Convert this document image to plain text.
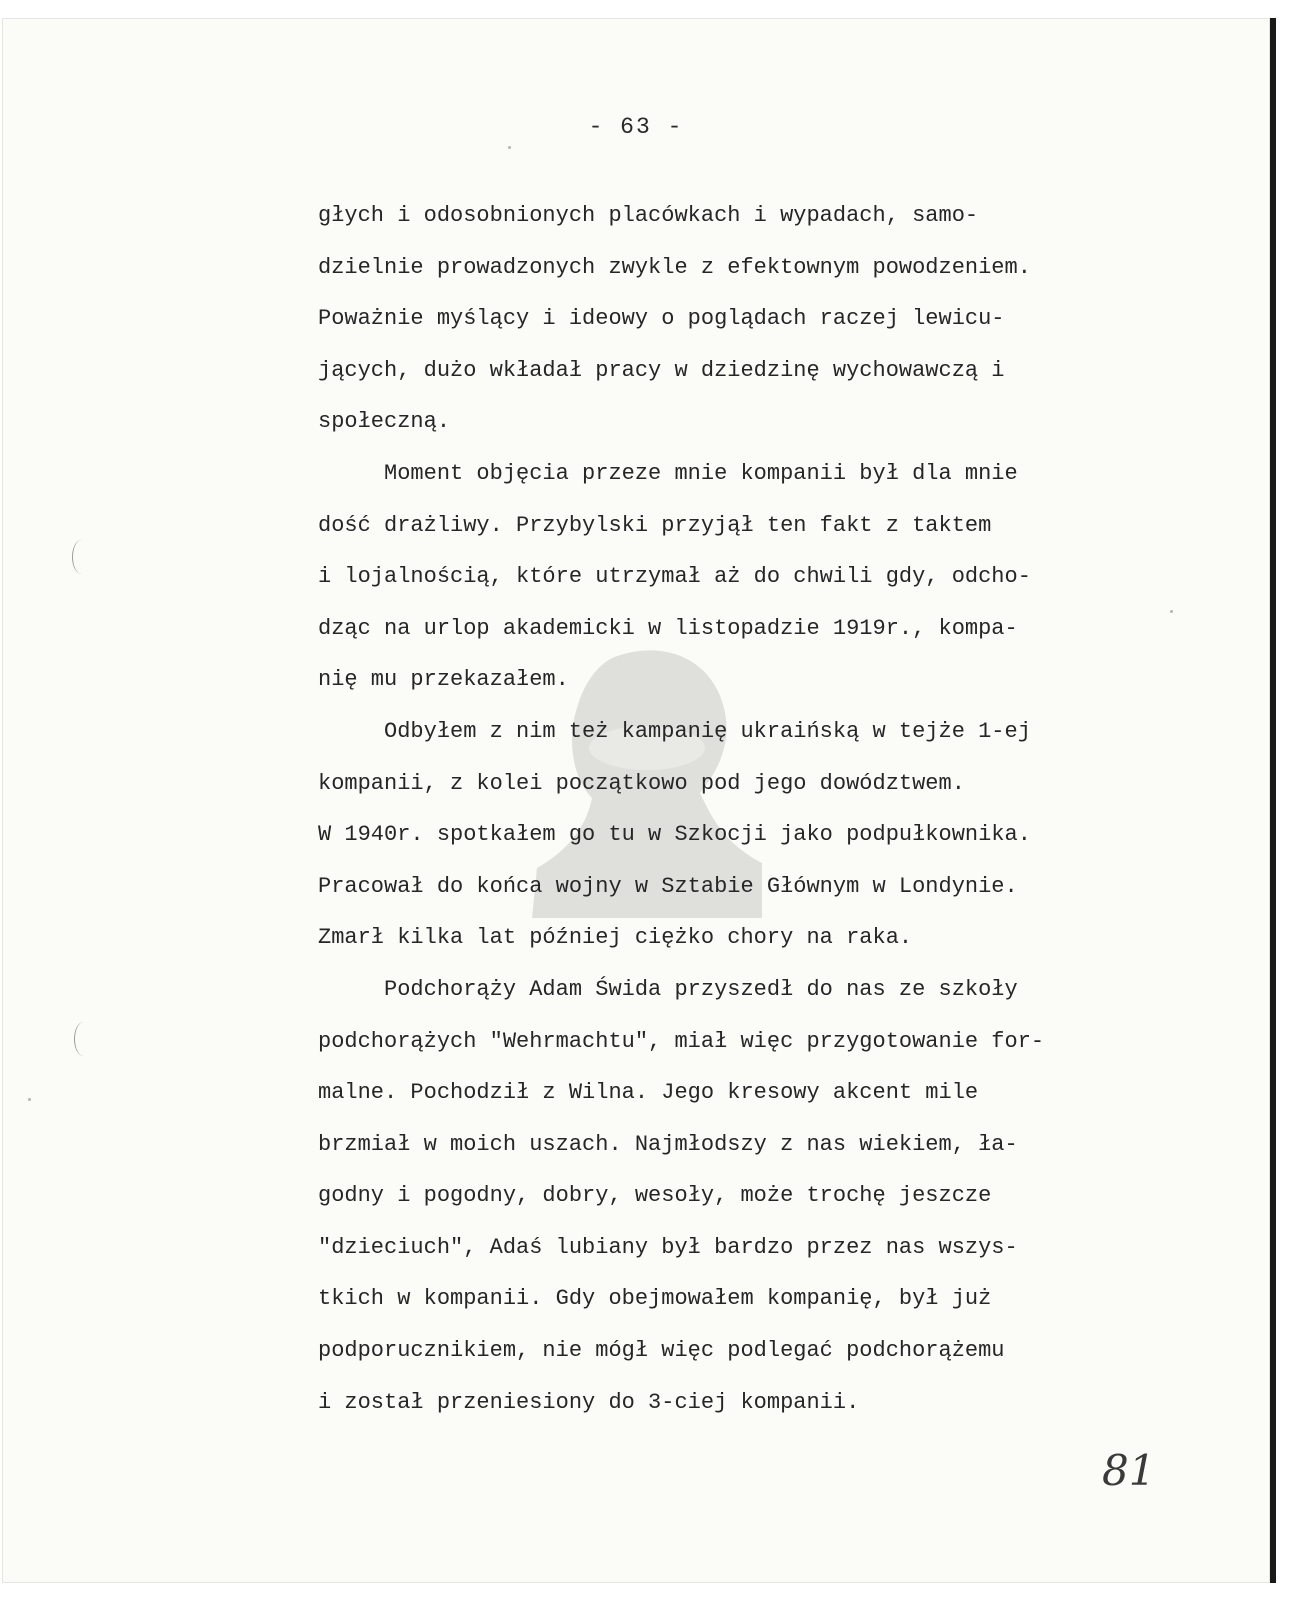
- 63 -
głych i odosobnionych placówkach i wypadach, samo-
dzielnie prowadzonych zwykle z efektownym powodzeniem.
Poważnie myślący i ideowy o poglądach raczej lewicu-
jących, dużo wkładał pracy w dziedzinę wychowawczą i
społeczną.
Moment objęcia przeze mnie kompanii był dla mnie
dość drażliwy. Przybylski przyjął ten fakt z taktem
i lojalnością, które utrzymał aż do chwili gdy, odcho-
dząc na urlop akademicki w listopadzie 1919r., kompa-
nię mu przekazałem.
Odbyłem z nim też kampanię ukraińską w tejże 1-ej
kompanii, z kolei początkowo pod jego dowództwem.
W 1940r. spotkałem go tu w Szkocji jako podpułkownika.
Pracował do końca wojny w Sztabie Głównym w Londynie.
Zmarł kilka lat później ciężko chory na raka.
Podchorąży Adam Świda przyszedł do nas ze szkoły
podchorążych "Wehrmachtu", miał więc przygotowanie for-
malne. Pochodził z Wilna. Jego kresowy akcent mile
brzmiał w moich uszach. Najmłodszy z nas wiekiem, ła-
godny i pogodny, dobry, wesoły, może trochę jeszcze
"dzieciuch", Adaś lubiany był bardzo przez nas wszys-
tkich w kompanii. Gdy obejmowałem kompanię, był już
podporucznikiem, nie mógł więc podlegać podchorążemu
i został przeniesiony do 3-ciej kompanii.
81
